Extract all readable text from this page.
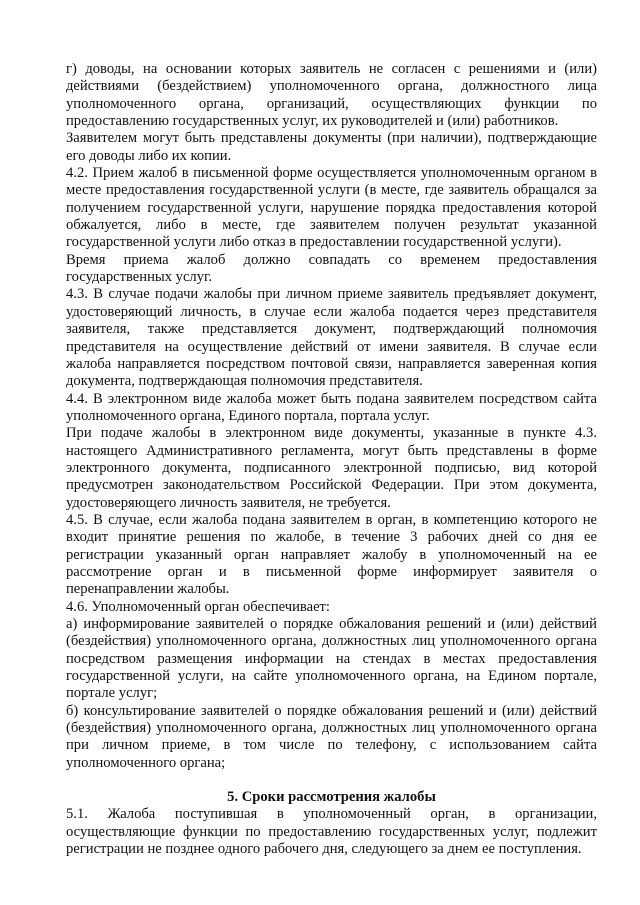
г) доводы, на основании которых заявитель не согласен с решениями и (или) действиями (бездействием) уполномоченного органа, должностного лица уполномоченного органа, организаций, осуществляющих функции по предоставлению государственных услуг, их руководителей и (или) работников.

Заявителем могут быть представлены документы (при наличии), подтверждающие его доводы либо их копии.

4.2. Прием жалоб в письменной форме осуществляется уполномоченным органом в месте предоставления государственной услуги (в месте, где заявитель обращался за получением государственной услуги, нарушение порядка предоставления которой обжалуется, либо в месте, где заявителем получен результат указанной государственной услуги либо отказ в предоставлении государственной услуги).

Время приема жалоб должно совпадать со временем предоставления государственных услуг.

4.3. В случае подачи жалобы при личном приеме заявитель предъявляет документ, удостоверяющий личность, в случае если жалоба подается через представителя заявителя, также представляется документ, подтверждающий полномочия представителя на осуществление действий от имени заявителя. В случае если жалоба направляется посредством почтовой связи, направляется заверенная копия документа, подтверждающая полномочия представителя.

4.4. В электронном виде жалоба может быть подана заявителем посредством сайта уполномоченного органа, Единого портала, портала услуг.

При подаче жалобы в электронном виде документы, указанные в пункте 4.3. настоящего Административного регламента, могут быть представлены в форме электронного документа, подписанного электронной подписью, вид которой предусмотрен законодательством Российской Федерации. При этом документа, удостоверяющего личность заявителя, не требуется.

4.5. В случае, если жалоба подана заявителем в орган, в компетенцию которого не входит принятие решения по жалобе, в течение 3 рабочих дней со дня ее регистрации указанный орган направляет жалобу в уполномоченный на ее рассмотрение орган и в письменной форме информирует заявителя о перенаправлении жалобы.

4.6. Уполномоченный орган обеспечивает:

а) информирование заявителей о порядке обжалования решений и (или) действий (бездействия) уполномоченного органа, должностных лиц уполномоченного органа посредством размещения информации на стендах в местах предоставления государственной услуги, на сайте уполномоченного органа, на Едином портале, портале услуг;

б) консультирование заявителей о порядке обжалования решений и (или) действий (бездействия) уполномоченного органа, должностных лиц уполномоченного органа при личном приеме, в том числе по телефону, с использованием сайта уполномоченного органа;

5. Сроки рассмотрения жалобы

5.1. Жалоба поступившая в уполномоченный орган, в организации, осуществляющие функции по предоставлению государственных услуг, подлежит регистрации не позднее одного рабочего дня, следующего за днем ее поступления.
